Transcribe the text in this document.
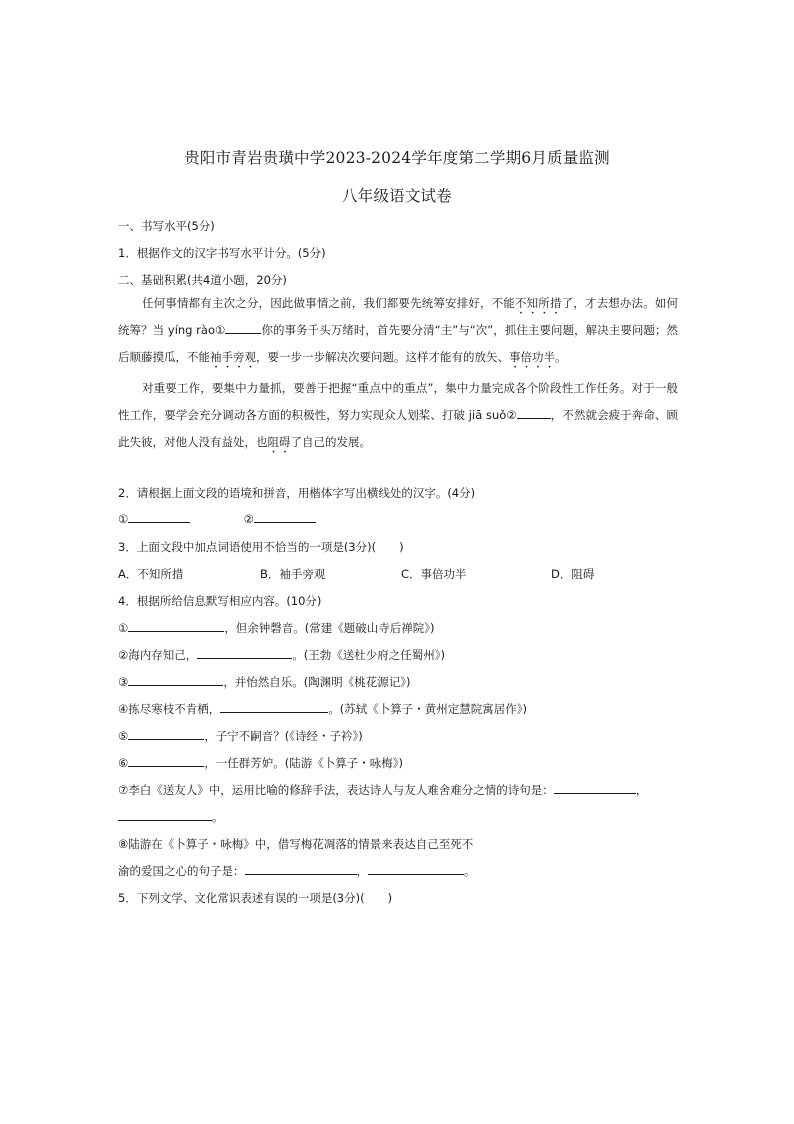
贵阳市青岩贵璜中学2023-2024学年度第二学期6月质量监测
八年级语文试卷
一、书写水平(5分)
1．根据作文的汉字书写水平计分。(5分)
二、基础积累(共4道小题，20分)

任何事情都有主次之分，因此做事情之前，我们都要先统筹安排好，不能不知所措了，才去想办法。如何统筹？当 yíng rào①	你的事务千头万绪时，首先要分清“主”与“次”，抓住主要问题，解决主要问题；然后顺藤摸瓜，不能袖手旁观，要一步一步解决次要问题。这样才能有的放矢、事倍功半。

对重要工作，要集中力量抓，要善于把握“重点中的重点”，集中力量完成各个阶段性工作任务。对于一般性工作，要学会充分调动各方面的积极性，努力实现众人划桨、打破 jiā suǒ②	，不然就会疲于奔命、顾此失彼，对他人没有益处，也阻碍了自己的发展。

2．请根据上面文段的语境和拼音，用楷体字写出横线处的汉字。(4分)
①	②
3．上面文段中加点词语使用不恰当的一项是(3分)(　　)
A．不知所措	B．袖手旁观	C．事倍功半	D．阻碍
4．根据所给信息默写相应内容。(10分)
①	，但余钟磬音。(常建《题破山寺后禅院》)
②海内存知己，	。(王勃《送杜少府之任蜀州》)
③	，并怡然自乐。(陶渊明《桃花源记》)
④拣尽寒枝不肯栖，	。(苏轼《卜算子・黄州定慧院寓居作》)
⑤	，子宁不嗣音？(《诗经・子衿》)
⑥	，一任群芳妒。(陆游《卜算子・咏梅》)
⑦李白《送友人》中，运用比喻的修辞手法，表达诗人与友人难舍难分之情的诗句是：	，
。
⑧陆游在《卜算子・咏梅》中，借写梅花凋落的情景来表达自己至死不
渝的爱国之心的句子是：	，	。
5．下列文学、文化常识表述有误的一项是(3分)(　　)
